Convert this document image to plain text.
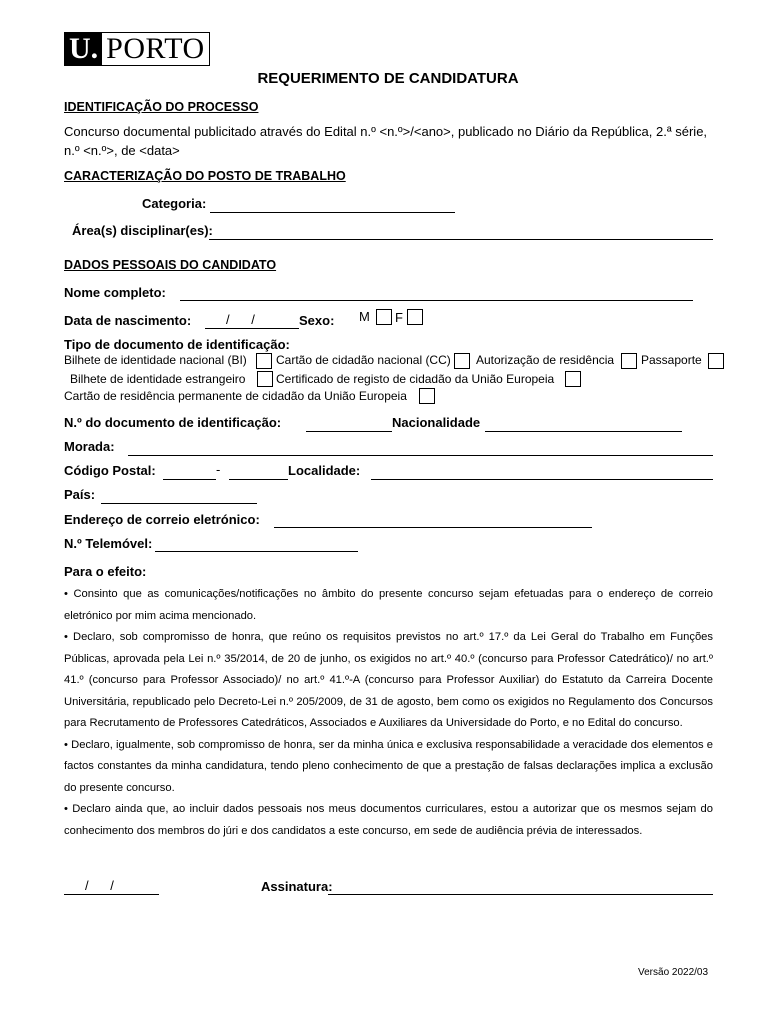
U. PORTO
REQUERIMENTO DE CANDIDATURA
IDENTIFICAÇÃO DO PROCESSO
Concurso documental publicitado através do Edital n.º <n.º>/<ano>, publicado no Diário da República, 2.ª série,
n.º <n.º>, de <data>
CARACTERIZAÇÃO DO POSTO DE TRABALHO
Categoria:
Área(s) disciplinar(es):
DADOS PESSOAIS DO CANDIDATO
Nome completo:
Data de nascimento:	/      /	Sexo: M F
Tipo de documento de identificação:
Bilhete de identidade nacional (BI) Cartão de cidadão nacional (CC) Autorização de residência Passaporte
Bilhete de identidade estrangeiro	Certificado de registo de cidadão da União Europeia
Cartão de residência permanente de cidadão da União Europeia
N.º do documento de identificação:	Nacionalidade
Morada:
Código Postal:	-	Localidade:
País:
Endereço de correio eletrónico:
N.º Telemóvel:
Para o efeito:

• Consinto que as comunicações/notificações no âmbito do presente concurso sejam efetuadas para o endereço de correio eletrónico por mim acima mencionado.

• Declaro, sob compromisso de honra, que reúno os requisitos previstos no art.º 17.º da Lei Geral do Trabalho em Funções Públicas, aprovada pela Lei n.º 35/2014, de 20 de junho, os exigidos no art.º 40.º (concurso para Professor Catedrático)/ no art.º 41.º (concurso para Professor Associado)/ no art.º 41.º-A (concurso para Professor Auxiliar) do Estatuto da Carreira Docente Universitária, republicado pelo Decreto-Lei n.º 205/2009, de 31 de agosto, bem como os exigidos no Regulamento dos Concursos para Recrutamento de Professores Catedráticos, Associados e Auxiliares da Universidade do Porto, e no Edital do concurso.

• Declaro, igualmente, sob compromisso de honra, ser da minha única e exclusiva responsabilidade a veracidade dos elementos e factos constantes da minha candidatura, tendo pleno conhecimento de que a prestação de falsas declarações implica a exclusão do presente concurso.

• Declaro ainda que, ao incluir dados pessoais nos meus documentos curriculares, estou a autorizar que os mesmos sejam do conhecimento dos membros do júri e dos candidatos a este concurso, em sede de audiência prévia de interessados.

/      /	Assinatura:
Versão 2022/03
